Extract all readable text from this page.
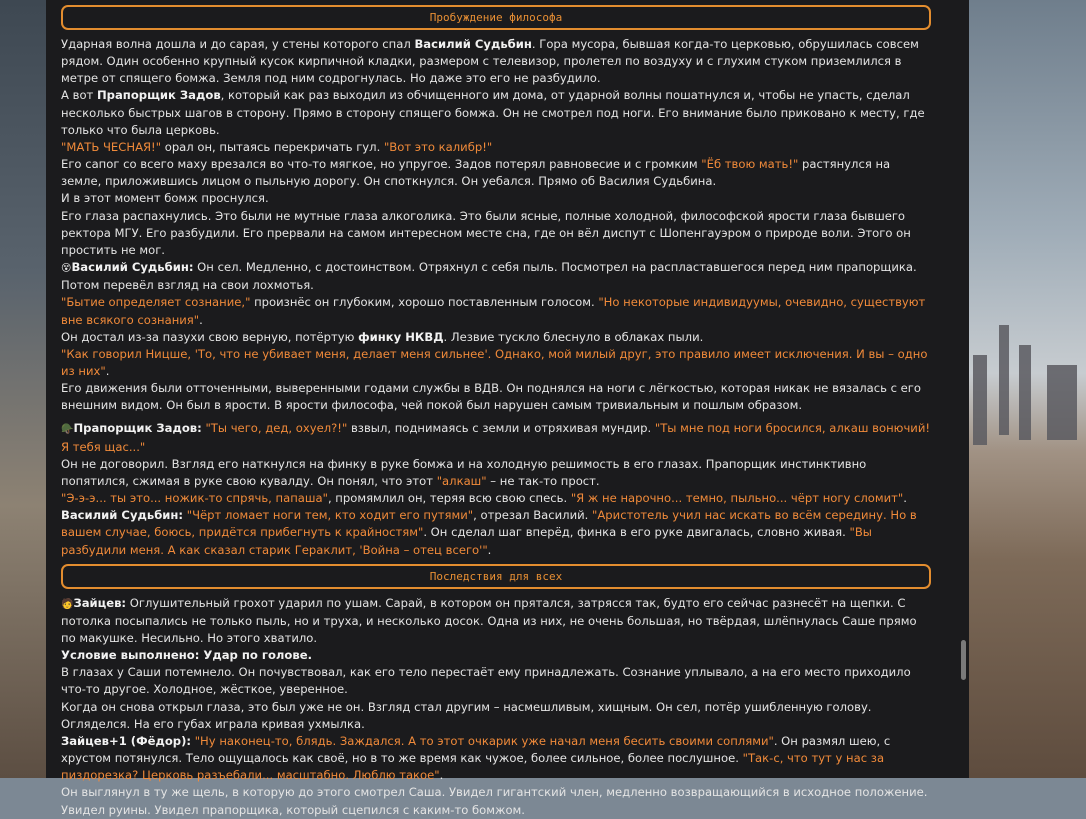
Пробуждение философа

Ударная волна дошла и до сарая, у стены которого спал Василий Судьбин. Гора мусора, бывшая когда-то церковью, обрушилась совсем рядом. Один особенно крупный кусок кирпичной кладки, размером с телевизор, пролетел по воздуху и с глухим стуком приземлился в метре от спящего бомжа. Земля под ним содрогнулась. Но даже это его не разбудило.

А вот Прапорщик Задов, который как раз выходил из обчищенного им дома, от ударной волны пошатнулся и, чтобы не упасть, сделал несколько быстрых шагов в сторону. Прямо в сторону спящего бомжа. Он не смотрел под ноги. Его внимание было приковано к месту, где только что была церковь.

"МАТЬ ЧЕСНАЯ!" орал он, пытаясь перекричать гул. "Вот это калибр!"

Его сапог со всего маху врезался во что-то мягкое, но упругое. Задов потерял равновесие и с громким "Ёб твою мать!" растянулся на земле, приложившись лицом о пыльную дорогу. Он споткнулся. Он уебался. Прямо об Василия Судьбина.

И в этот момент бомж проснулся.

Его глаза распахнулись. Это были не мутные глаза алкоголика. Это были ясные, полные холодной, философской ярости глаза бывшего ректора МГУ. Его разбудили. Его прервали на самом интересном месте сна, где он вёл диспут с Шопенгауэром о природе воли. Этого он простить не мог.

😵Василий Судьбин: Он сел. Медленно, с достоинством. Отряхнул с себя пыль. Посмотрел на распластавшегося перед ним прапорщика. Потом перевёл взгляд на свои лохмотья.

"Бытие определяет сознание," произнёс он глубоким, хорошо поставленным голосом. "Но некоторые индивидуумы, очевидно, существуют вне всякого сознания".

Он достал из-за пазухи свою верную, потёртую финку НКВД. Лезвие тускло блеснуло в облаках пыли.

"Как говорил Ницше, 'То, что не убивает меня, делает меня сильнее'. Однако, мой милый друг, это правило имеет исключения. И вы – одно из них".

Его движения были отточенными, выверенными годами службы в ВДВ. Он поднялся на ноги с лёгкостью, которая никак не вязалась с его внешним видом. Он был в ярости. В ярости философа, чей покой был нарушен самым тривиальным и пошлым образом.

🪖Прапорщик Задов: "Ты чего, дед, охуел?!" взвыл, поднимаясь с земли и отряхивая мундир. "Ты мне под ноги бросился, алкаш вонючий! Я тебя щас..."

Он не договорил. Взгляд его наткнулся на финку в руке бомжа и на холодную решимость в его глазах. Прапорщик инстинктивно попятился, сжимая в руке свою кувалду. Он понял, что этот "алкаш" – не так-то прост.

"Э-э-э... ты это... ножик-то спрячь, папаша", промямлил он, теряя всю свою спесь. "Я ж не нарочно... темно, пыльно... чёрт ногу сломит".

Василий Судьбин: "Чёрт ломает ноги тем, кто ходит его путями", отрезал Василий. "Аристотель учил нас искать во всём середину. Но в вашем случае, боюсь, придётся прибегнуть к крайностям". Он сделал шаг вперёд, финка в его руке двигалась, словно живая. "Вы разбудили меня. А как сказал старик Гераклит, 'Война – отец всего'".

Последствия для всех

🧑Зайцев: Оглушительный грохот ударил по ушам. Сарай, в котором он прятался, затрясся так, будто его сейчас разнесёт на щепки. С потолка посыпались не только пыль, но и труха, и несколько досок. Одна из них, не очень большая, но твёрдая, шлёпнулась Саше прямо по макушке. Несильно. Но этого хватило.

Условие выполнено: Удар по голове.

В глазах у Саши потемнело. Он почувствовал, как его тело перестаёт ему принадлежать. Сознание уплывало, а на его место приходило что-то другое. Холодное, жёсткое, уверенное.

Когда он снова открыл глаза, это был уже не он. Взгляд стал другим – насмешливым, хищным. Он сел, потёр ушибленную голову. Огляделся. На его губах играла кривая ухмылка.

Зайцев+1 (Фёдор): "Ну наконец-то, блядь. Заждался. А то этот очкарик уже начал меня бесить своими соплями". Он размял шею, с хрустом потянулся. Тело ощущалось как своё, но в то же время как чужое, более сильное, более послушное. "Так-с, что тут у нас за пиздорезка? Церковь разъебали... масштабно. Люблю такое".

Он выглянул в ту же щель, в которую до этого смотрел Саша. Увидел гигантский член, медленно возвращающийся в исходное положение. Увидел руины. Увидел прапорщика, который сцепился с каким-то бомжом.
